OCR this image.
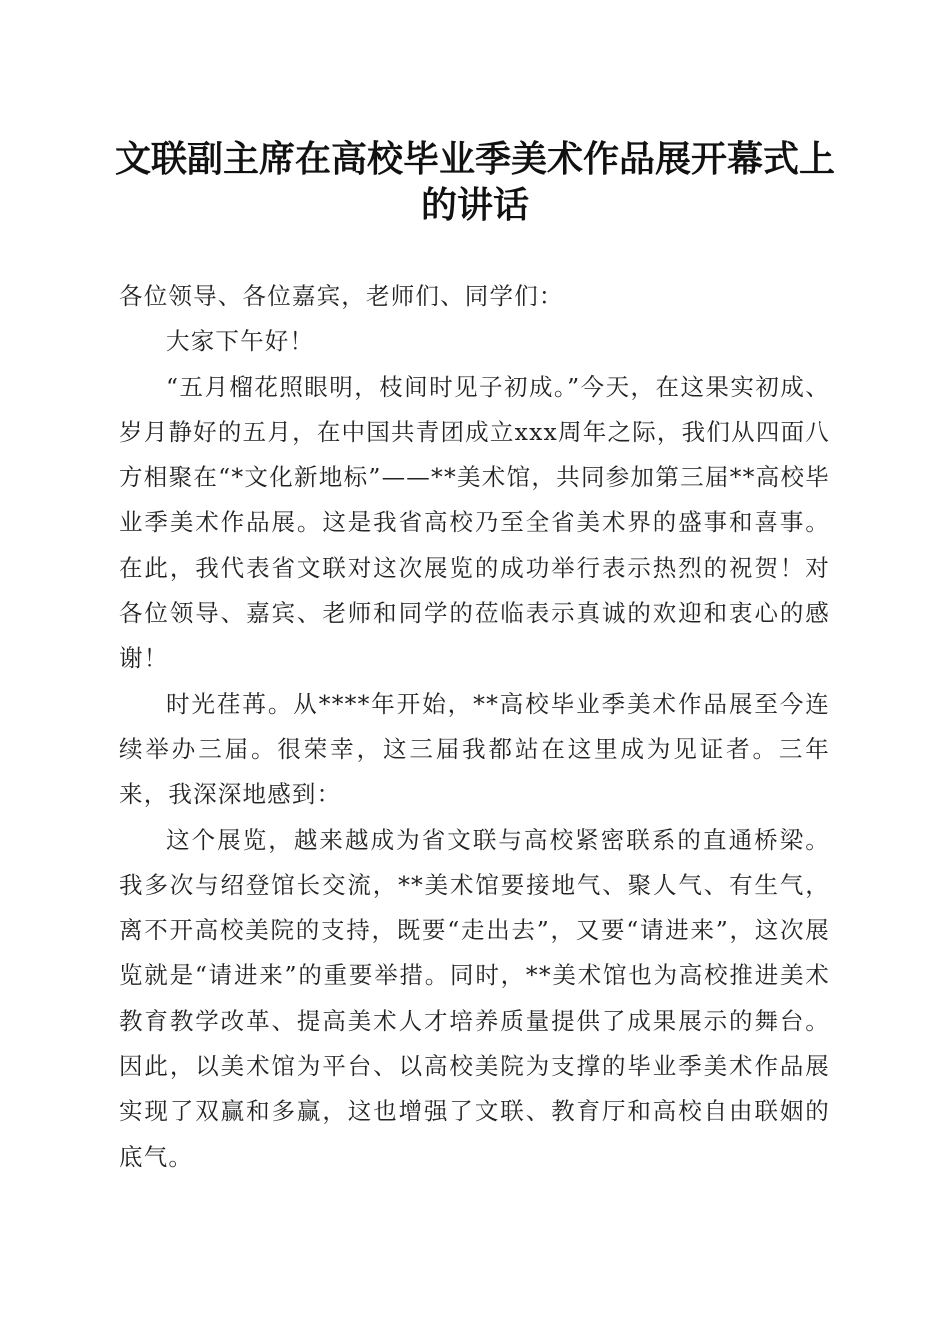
文联副主席在高校毕业季美术作品展开幕式上的讲话

各位领导、各位嘉宾，老师们、同学们：

大家下午好！

“五月榴花照眼明，枝间时见子初成。”今天，在这果实初成、岁月静好的五月，在中国共青团成立xxx周年之际，我们从四面八方相聚在“*文化新地标”——**美术馆，共同参加第三届**高校毕业季美术作品展。这是我省高校乃至全省美术界的盛事和喜事。在此，我代表省文联对这次展览的成功举行表示热烈的祝贺！对各位领导、嘉宾、老师和同学的莅临表示真诚的欢迎和衷心的感谢！

时光荏苒。从****年开始，**高校毕业季美术作品展至今连续举办三届。很荣幸，这三届我都站在这里成为见证者。三年来，我深深地感到：

这个展览，越来越成为省文联与高校紧密联系的直通桥梁。我多次与绍登馆长交流，**美术馆要接地气、聚人气、有生气，离不开高校美院的支持，既要“走出去”，又要“请进来”，这次展览就是“请进来”的重要举措。同时，**美术馆也为高校推进美术教育教学改革、提高美术人才培养质量提供了成果展示的舞台。因此，以美术馆为平台、以高校美院为支撑的毕业季美术作品展实现了双赢和多赢，这也增强了文联、教育厅和高校自由联姻的底气。
